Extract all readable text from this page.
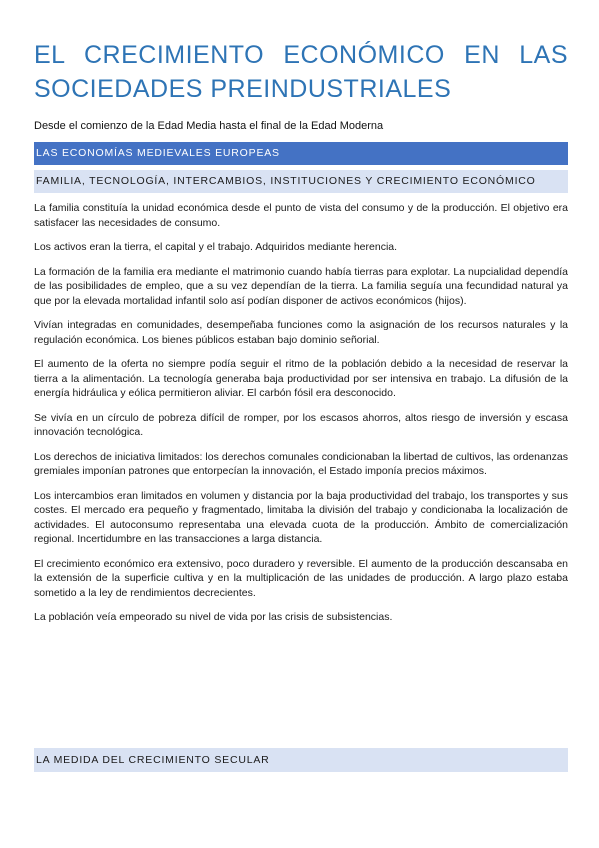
EL CRECIMIENTO ECONÓMICO EN LAS
SOCIEDADES PREINDUSTRIALES

Desde el comienzo de la Edad Media hasta el final de la Edad Moderna

LAS ECONOMÍAS MEDIEVALES EUROPEAS
FAMILIA, TECNOLOGÍA, INTERCAMBIOS, INSTITUCIONES Y CRECIMIENTO ECONÓMICO

La familia constituía la unidad económica desde el punto de vista del consumo y de la producción. El objetivo era satisfacer las necesidades de consumo.

Los activos eran la tierra, el capital y el trabajo. Adquiridos mediante herencia.

La formación de la familia era mediante el matrimonio cuando había tierras para explotar. La nupcialidad dependía de las posibilidades de empleo, que a su vez dependían de la tierra. La familia seguía una fecundidad natural ya que por la elevada mortalidad infantil solo así podían disponer de activos económicos (hijos).

Vivían integradas en comunidades, desempeñaba funciones como la asignación de los recursos naturales y la regulación económica. Los bienes públicos estaban bajo dominio señorial.

El aumento de la oferta no siempre podía seguir el ritmo de la población debido a la necesidad de reservar la tierra a la alimentación. La tecnología generaba baja productividad por ser intensiva en trabajo. La difusión de la energía hidráulica y eólica permitieron aliviar. El carbón fósil era desconocido.

Se vivía en un círculo de pobreza difícil de romper, por los escasos ahorros, altos riesgo de inversión y escasa innovación tecnológica.

Los derechos de iniciativa limitados: los derechos comunales condicionaban la libertad de cultivos, las ordenanzas gremiales imponían patrones que entorpecían la innovación, el Estado imponía precios máximos.

Los intercambios eran limitados en volumen y distancia por la baja productividad del trabajo, los transportes y sus costes. El mercado era pequeño y fragmentado, limitaba la división del trabajo y condicionaba la localización de actividades. El autoconsumo representaba una elevada cuota de la producción. Ámbito de comercialización regional. Incertidumbre en las transacciones a larga distancia.

El crecimiento económico era extensivo, poco duradero y reversible. El aumento de la producción descansaba en la extensión de la superficie cultiva y en la multiplicación de las unidades de producción. A largo plazo estaba sometido a la ley de rendimientos decrecientes.

La población veía empeorado su nivel de vida por las crisis de subsistencias.

LA MEDIDA DEL CRECIMIENTO SECULAR
